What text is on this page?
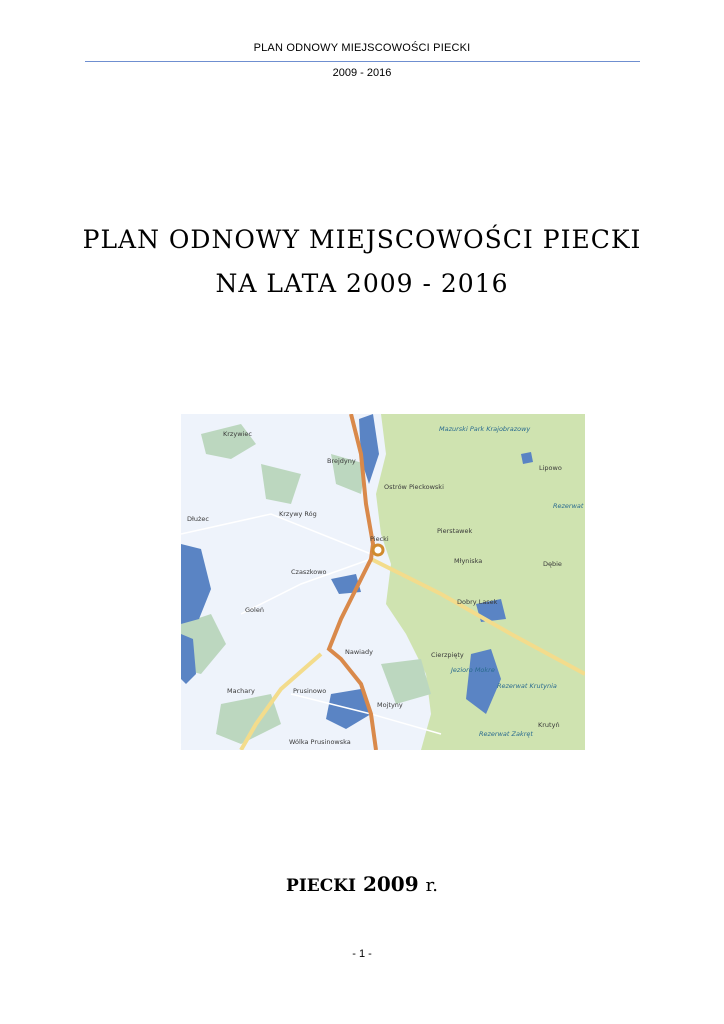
PLAN ODNOWY MIEJSCOWOŚCI PIECKI
2009 - 2016
PLAN ODNOWY MIEJSCOWOŚCI PIECKI
NA LATA 2009 - 2016
Krzywiec
Brejdyny
Ostrów Pieckowski
Mazurski Park Krajobrazowy
Lipowo
Rezerwat
Dłużec
Krzywy Róg
Piecki
Pierstawek
Młyniska	Dębie
Czaszkowo
Dobry Lasek
Goleń
Nawiady	Cierzpięty
Jezioro Mokre
Machary	Prusinowo
Rezerwat Krutynia
Mojtyny
Krutyń
Rezerwat Zakręt
Wólka Prusinowska
PIECKI 2009 r.
- 1 -
